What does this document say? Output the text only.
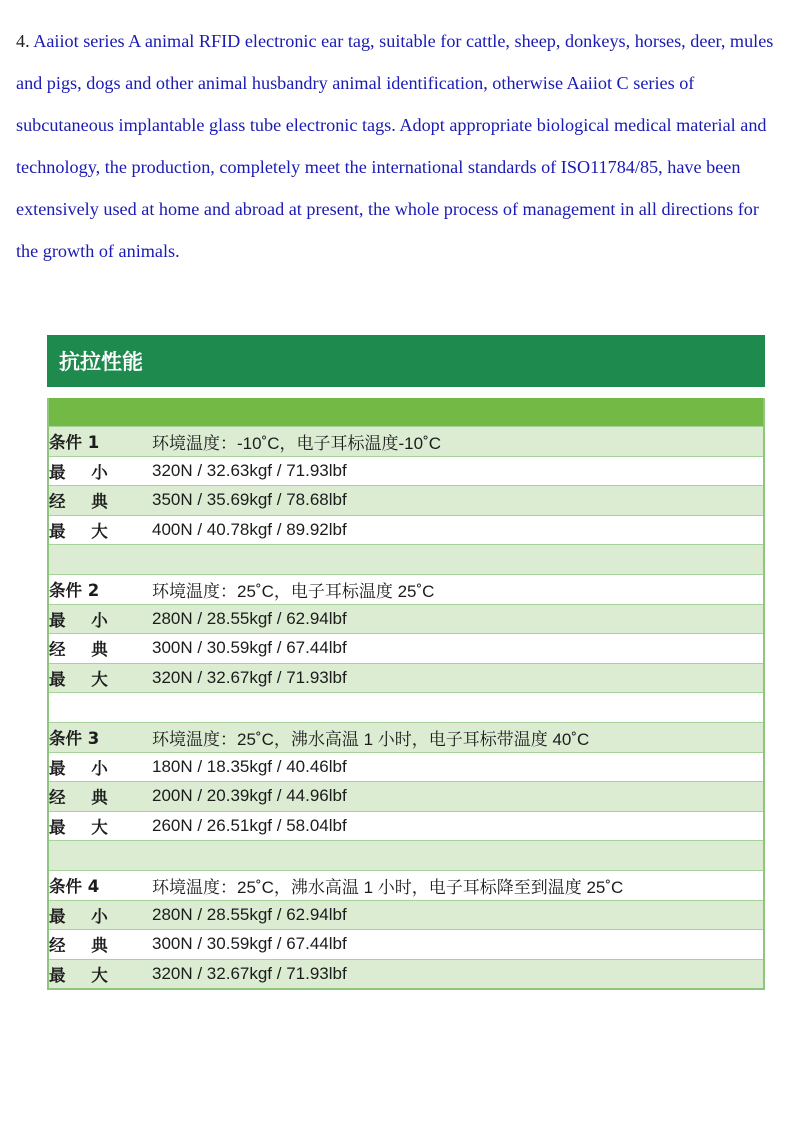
4. Aaiiot series A animal RFID electronic ear tag, suitable for cattle, sheep, donkeys, horses, deer, mules and pigs, dogs and other animal husbandry animal identification, otherwise Aaiiot C series of subcutaneous implantable glass tube electronic tags. Adopt appropriate biological medical material and technology, the production, completely meet the international standards of ISO11784/85, have been extensively used at home and abroad at present, the whole process of management in all directions for the growth of animals.

抗拉性能

条件 1	环境温度：-10˚C，电子耳标温度-10˚C
最 小	320N / 32.63kgf / 71.93lbf
经 典	350N / 35.69kgf / 78.68lbf
最 大	400N / 40.78kgf / 89.92lbf

条件 2	环境温度：25˚C，电子耳标温度 25˚C
最 小	280N / 28.55kgf / 62.94lbf
经 典	300N / 30.59kgf / 67.44lbf
最 大	320N / 32.67kgf / 71.93lbf

条件 3	环境温度：25˚C，沸水高温 1 小时，电子耳标带温度 40˚C
最 小	180N / 18.35kgf / 40.46lbf
经 典	200N / 20.39kgf / 44.96lbf
最 大	260N / 26.51kgf / 58.04lbf

条件 4	环境温度：25˚C，沸水高温 1 小时，电子耳标降至到温度 25˚C
最 小	280N / 28.55kgf / 62.94lbf
经 典	300N / 30.59kgf / 67.44lbf
最 大	320N / 32.67kgf / 71.93lbf
